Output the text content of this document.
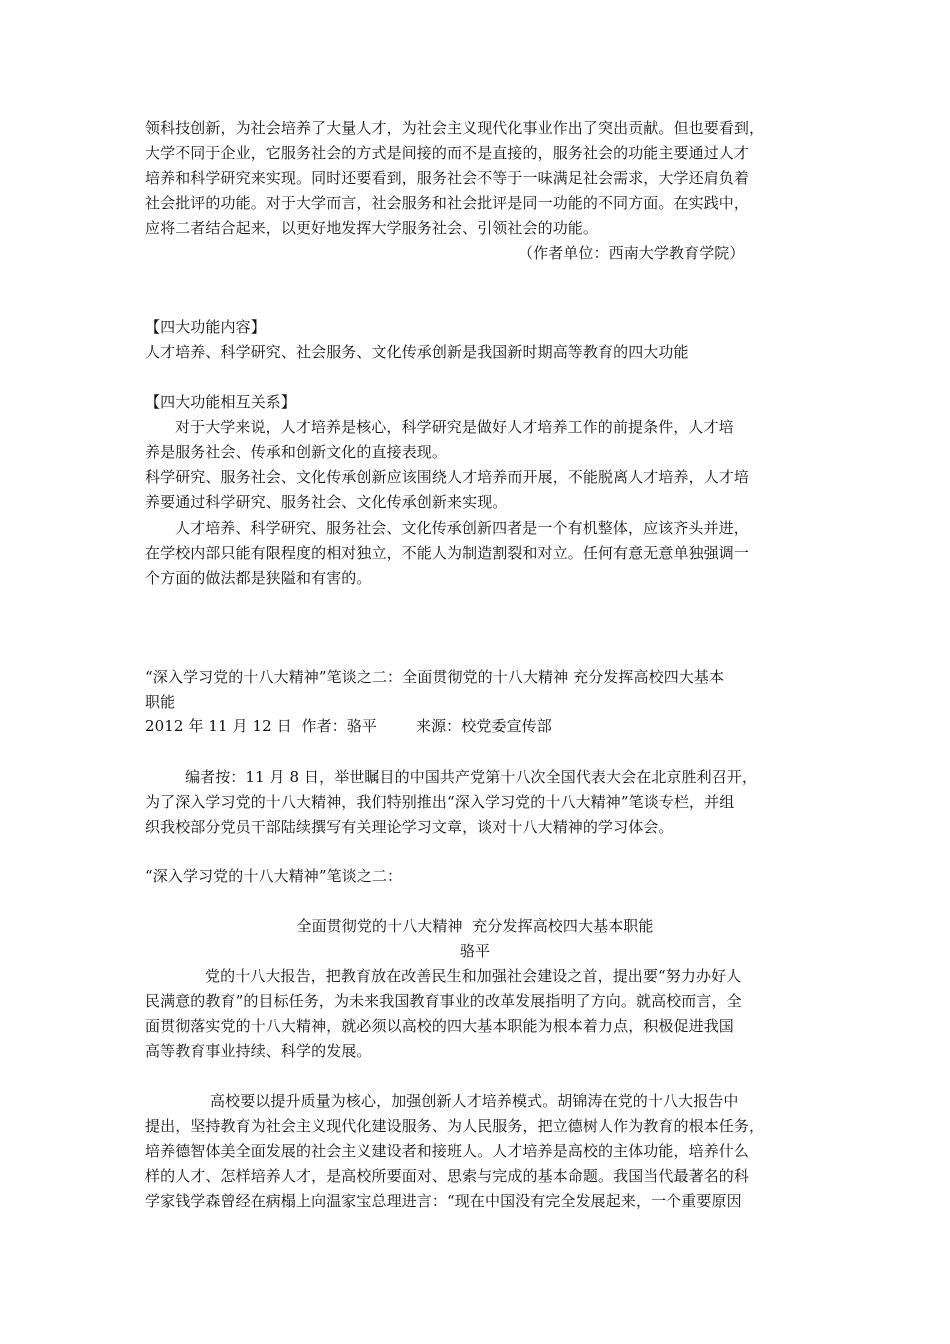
领科技创新，为社会培养了大量人才，为社会主义现代化事业作出了突出贡献。但也要看到，
大学不同于企业，它服务社会的方式是间接的而不是直接的，服务社会的功能主要通过人才
培养和科学研究来实现。同时还要看到，服务社会不等于一味满足社会需求，大学还肩负着
社会批评的功能。对于大学而言，社会服务和社会批评是同一功能的不同方面。在实践中，
应将二者结合起来，以更好地发挥大学服务社会、引领社会的功能。
（作者单位：西南大学教育学院）
【四大功能内容】
人才培养、科学研究、社会服务、文化传承创新是我国新时期高等教育的四大功能
【四大功能相互关系】
对于大学来说，人才培养是核心，科学研究是做好人才培养工作的前提条件，人才培
养是服务社会、传承和创新文化的直接表现。
科学研究、服务社会、文化传承创新应该围绕人才培养而开展，不能脱离人才培养，人才培
养要通过科学研究、服务社会、文化传承创新来实现。
人才培养、科学研究、服务社会、文化传承创新四者是一个有机整体，应该齐头并进，
在学校内部只能有限程度的相对独立，不能人为制造割裂和对立。任何有意无意单独强调一
个方面的做法都是狭隘和有害的。
“深入学习党的十八大精神”笔谈之二：全面贯彻党的十八大精神 充分发挥高校四大基本
职能
2012 年 11 月 12 日  作者：骆平        来源：校党委宣传部
编者按：11 月 8 日，举世瞩目的中国共产党第十八次全国代表大会在北京胜利召开，
为了深入学习党的十八大精神，我们特别推出“深入学习党的十八大精神”笔谈专栏，并组
织我校部分党员干部陆续撰写有关理论学习文章，谈对十八大精神的学习体会。
“深入学习党的十八大精神”笔谈之二：
全面贯彻党的十八大精神  充分发挥高校四大基本职能
骆平
党的十八大报告，把教育放在改善民生和加强社会建设之首，提出要“努力办好人
民满意的教育”的目标任务，为未来我国教育事业的改革发展指明了方向。就高校而言，全
面贯彻落实党的十八大精神，就必须以高校的四大基本职能为根本着力点，积极促进我国
高等教育事业持续、科学的发展。
高校要以提升质量为核心，加强创新人才培养模式。胡锦涛在党的十八大报告中
提出，坚持教育为社会主义现代化建设服务、为人民服务，把立德树人作为教育的根本任务，
培养德智体美全面发展的社会主义建设者和接班人。人才培养是高校的主体功能，培养什么
样的人才、怎样培养人才，是高校所要面对、思索与完成的基本命题。我国当代最著名的科
学家钱学森曾经在病榻上向温家宝总理进言：“现在中国没有完全发展起来，一个重要原因
